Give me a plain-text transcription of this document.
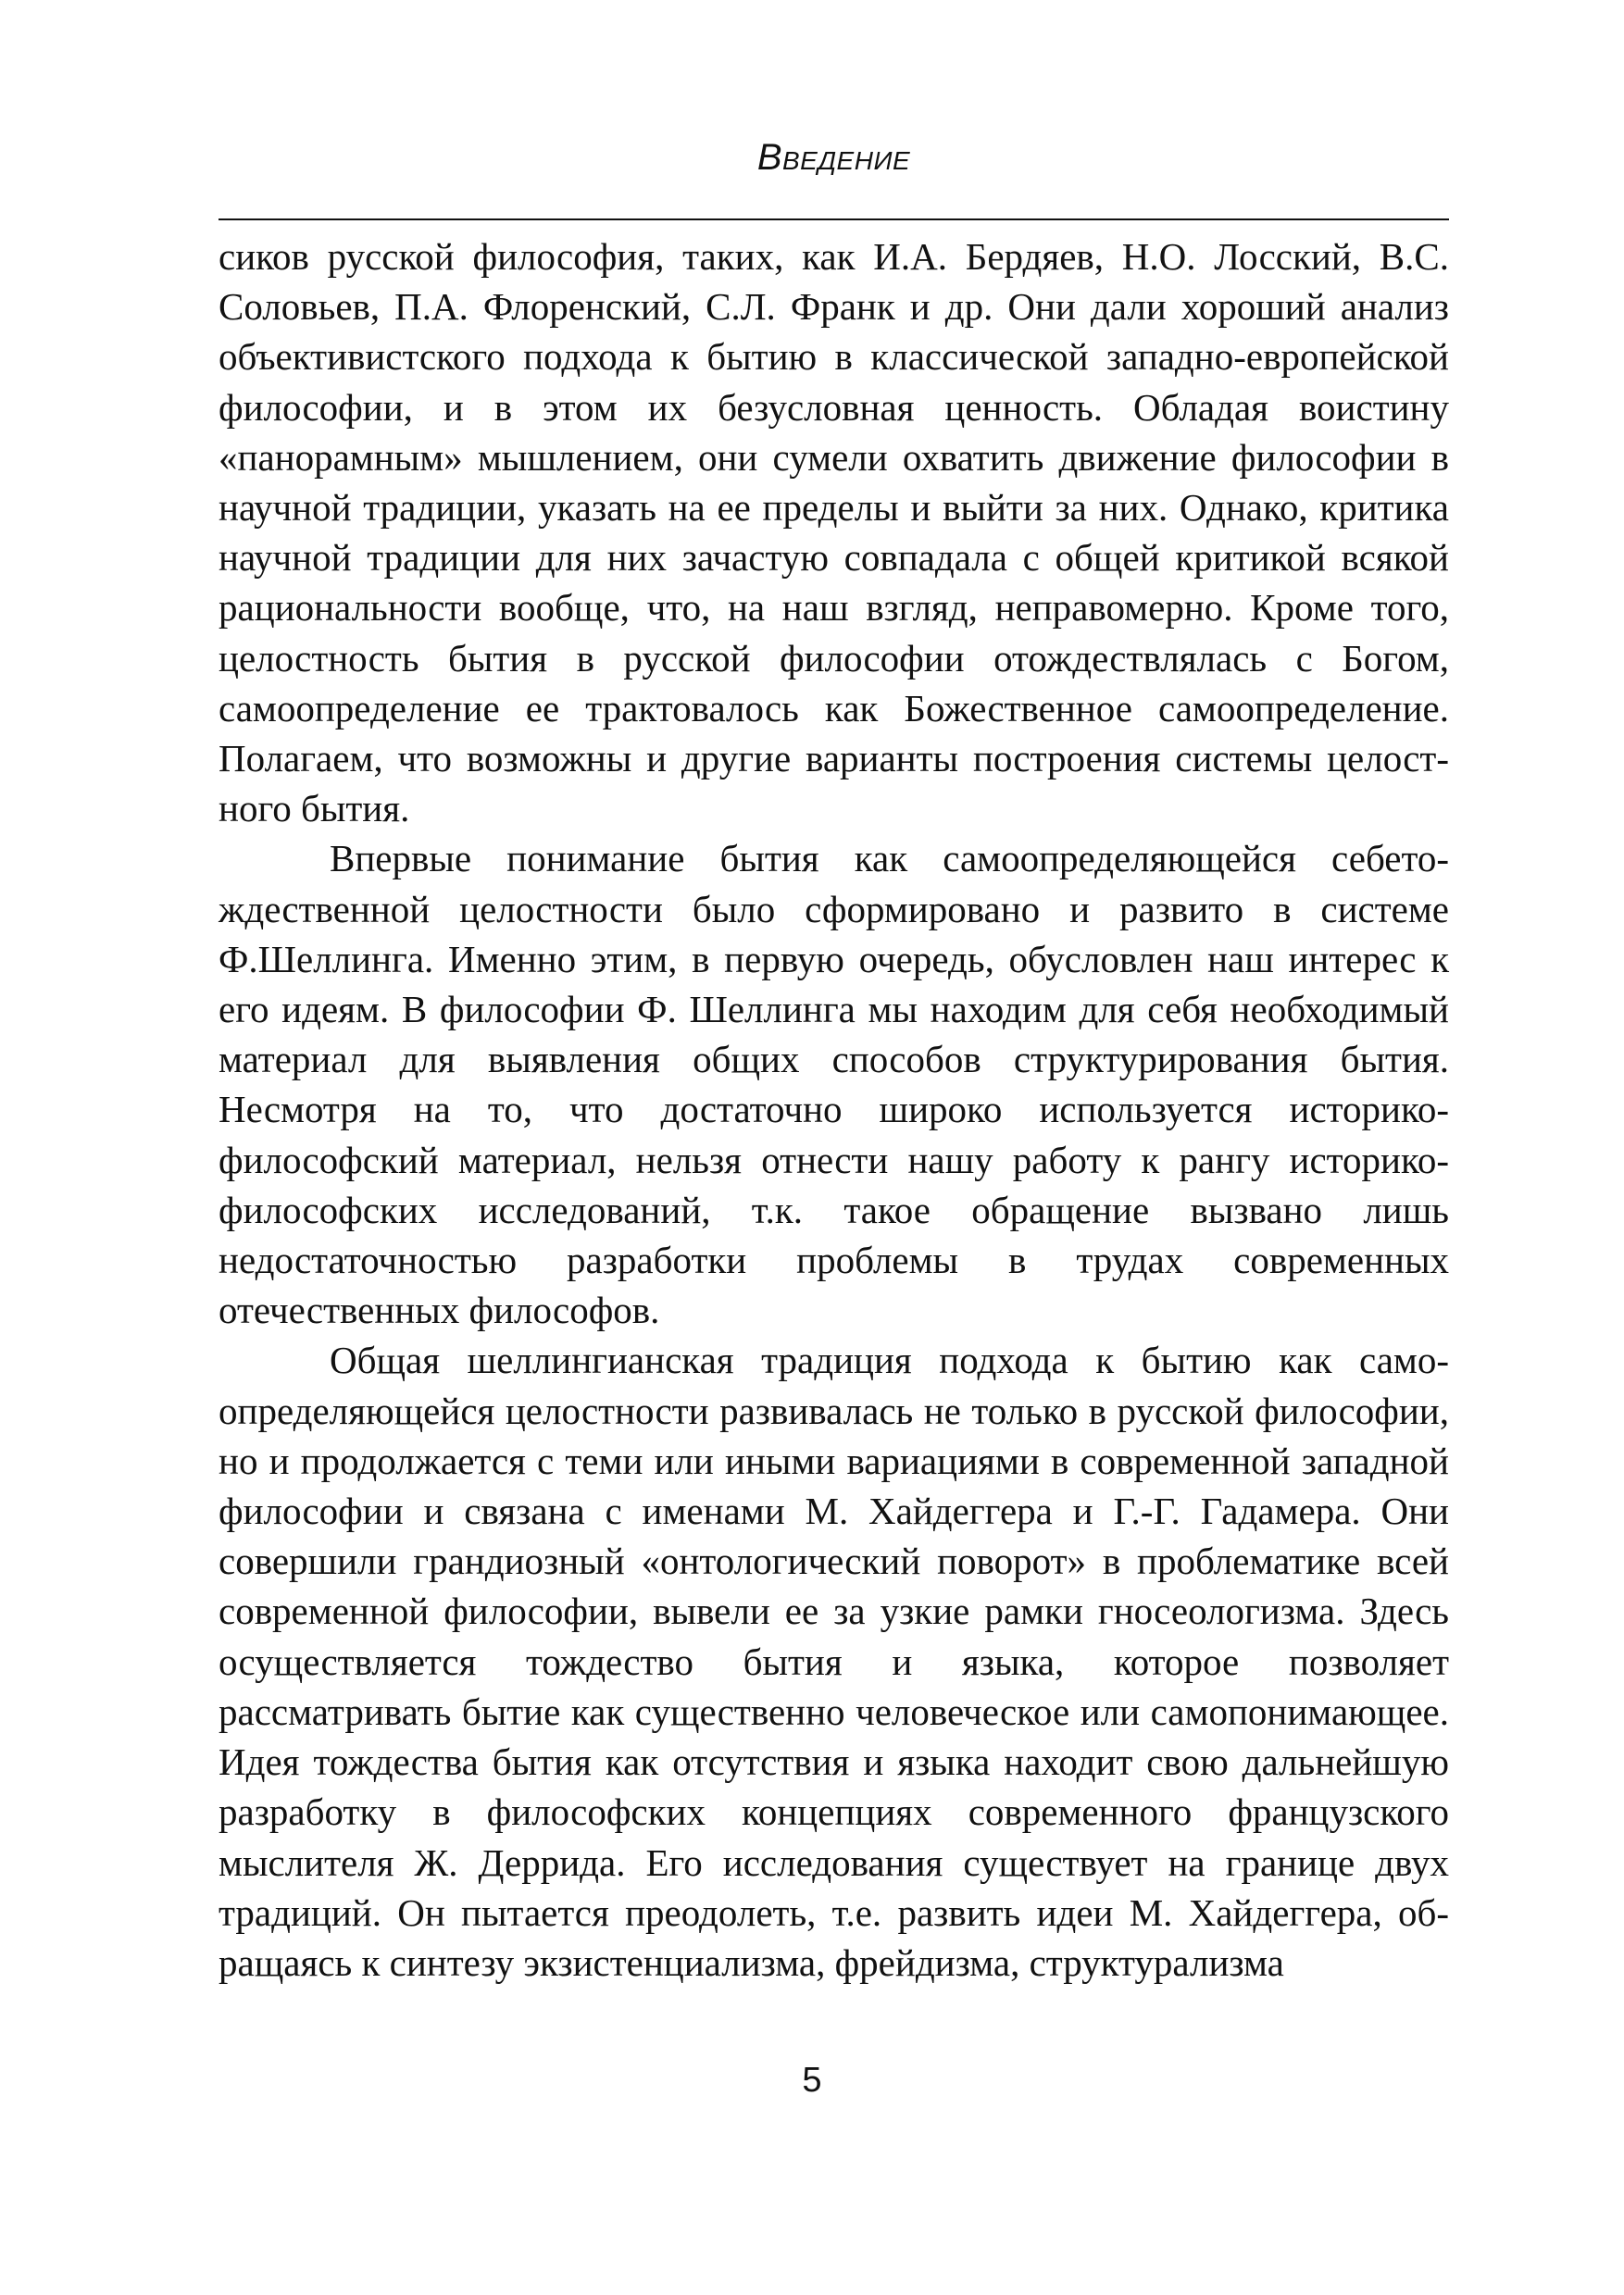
Введение

сиков русской философия, таких, как И.А. Бердяев, Н.О. Лосский, В.С. Соловьев, П.А. Флоренский, С.Л. Франк и др. Они дали хороший анализ объективистского подхода к бытию в классической западно-европейской философии, и в этом их безусловная ценность. Обладая воистину «панорамным» мышлением, они сумели охватить движение философии в научной традиции, указать на ее пределы и выйти за них. Однако, критика научной традиции для них зачастую совпадала с общей критикой всякой рациональности вообще, что, на наш взгляд, неправомерно. Кроме того, целостность бытия в русской философии отождествлялась с Богом, самоопределение ее трактовалось как Божественное самоопределение. Полагаем, что возможны и другие варианты построения системы целостного бытия.

Впервые понимание бытия как самоопределяющейся себетождественной целостности было сформировано и развито в системе Ф.Шеллинга. Именно этим, в первую очередь, обусловлен наш интерес к его идеям. В философии Ф. Шеллинга мы находим для себя необходимый материал для выявления общих способов структурирования бытия. Несмотря на то, что достаточно широко используется историко-философский материал, нельзя отнести нашу работу к рангу историко-философских исследований, т.к. такое обращение вызвано лишь недостаточностью разработки проблемы в трудах современных отечественных философов.

Общая шеллингианская традиция подхода к бытию как самоопределяющейся целостности развивалась не только в русской философии, но и продолжается с теми или иными вариациями в современной западной философии и связана с именами М. Хайдеггера и Г.-Г. Гадамера. Они совершили грандиозный «онтологический поворот» в проблематике всей современной философии, вывели ее за узкие рамки гносеологизма. Здесь осуществляется тождество бытия и языка, которое позволяет рассматривать бытие как существенно человеческое или самопонимающее. Идея тождества бытия как отсутствия и языка находит свою дальнейшую разработку в философских концепциях современного французского мыслителя Ж. Деррида. Его исследования существует на границе двух традиций. Он пытается преодолеть, т.е. развить идеи М. Хайдеггера, обращаясь к синтезу экзистенциализма, фрейдизма, структурализма

5
